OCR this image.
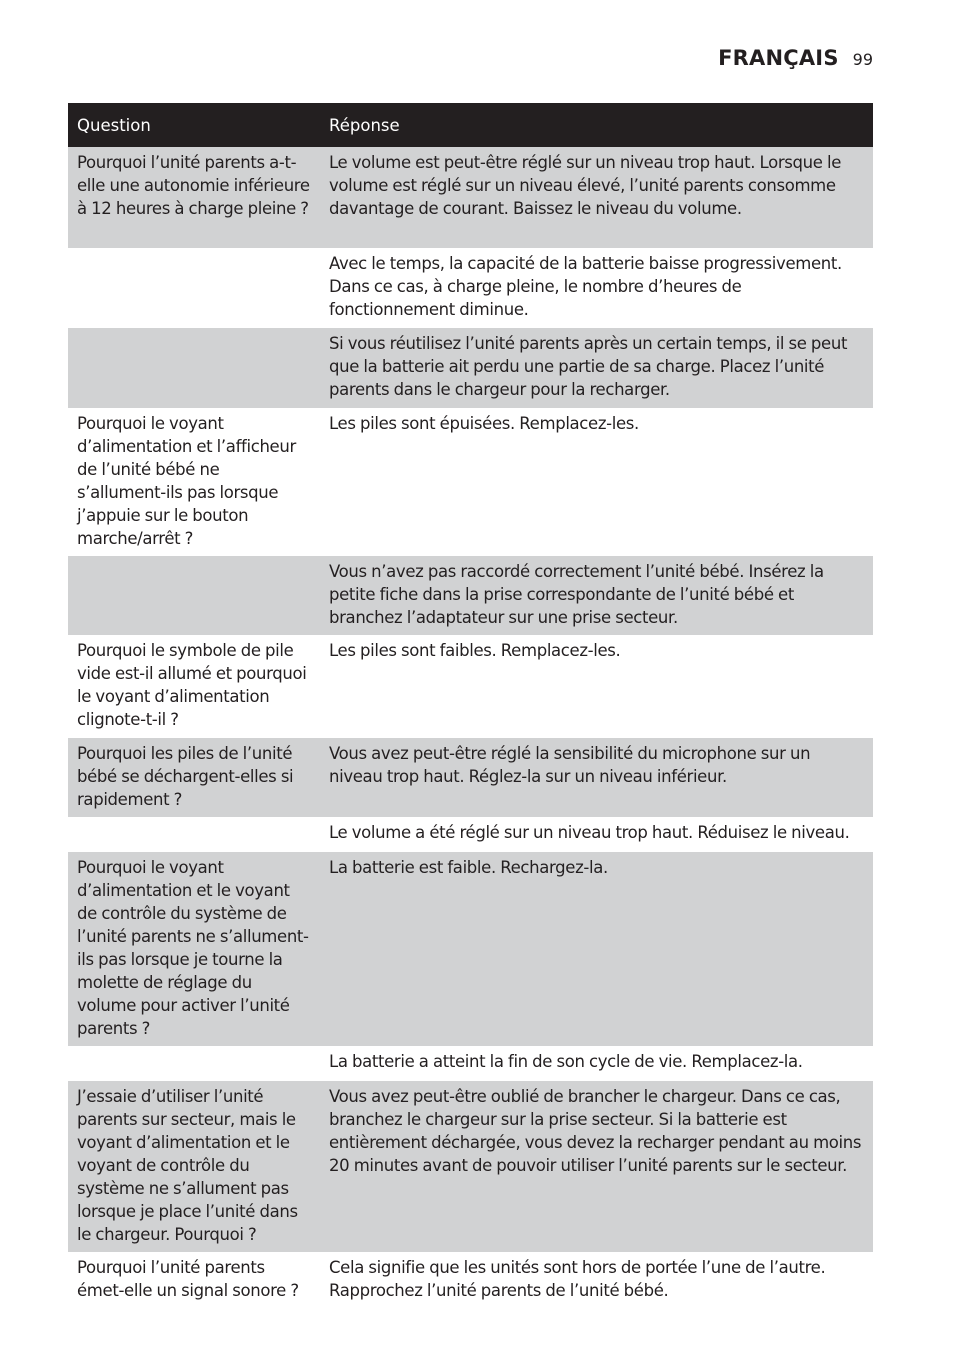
FRANÇAIS 99
Question	Réponse
Pourquoi l’unité parents a-t-elle une autonomie inférieure à 12 heures à charge pleine ?	Le volume est peut-être réglé sur un niveau trop haut. Lorsque le volume est réglé sur un niveau élevé, l’unité parents consomme davantage de courant. Baissez le niveau du volume.
	Avec le temps, la capacité de la batterie baisse progressivement. Dans ce cas, à charge pleine, le nombre d’heures de fonctionnement diminue.
	Si vous réutilisez l’unité parents après un certain temps, il se peut que la batterie ait perdu une partie de sa charge. Placez l’unité parents dans le chargeur pour la recharger.
Pourquoi le voyant d’alimentation et l’afficheur de l’unité bébé ne s’allument-ils pas lorsque j’appuie sur le bouton marche/arrêt ?	Les piles sont épuisées. Remplacez-les.
	Vous n’avez pas raccordé correctement l’unité bébé. Insérez la petite fiche dans la prise correspondante de l’unité bébé et branchez l’adaptateur sur une prise secteur.
Pourquoi le symbole de pile vide est-il allumé et pourquoi le voyant d’alimentation clignote-t-il ?	Les piles sont faibles. Remplacez-les.
Pourquoi les piles de l’unité bébé se déchargent-elles si rapidement ?	Vous avez peut-être réglé la sensibilité du microphone sur un niveau trop haut. Réglez-la sur un niveau inférieur.
	Le volume a été réglé sur un niveau trop haut. Réduisez le niveau.
Pourquoi le voyant d’alimentation et le voyant de contrôle du système de l’unité parents ne s’allument-ils pas lorsque je tourne la molette de réglage du volume pour activer l’unité parents ?	La batterie est faible. Rechargez-la.
	La batterie a atteint la fin de son cycle de vie. Remplacez-la.
J’essaie d’utiliser l’unité parents sur secteur, mais le voyant d’alimentation et le voyant de contrôle du système ne s’allument pas lorsque je place l’unité dans le chargeur. Pourquoi ?	Vous avez peut-être oublié de brancher le chargeur. Dans ce cas, branchez le chargeur sur la prise secteur. Si la batterie est entièrement déchargée, vous devez la recharger pendant au moins 20 minutes avant de pouvoir utiliser l’unité parents sur le secteur.
Pourquoi l’unité parents émet-elle un signal sonore ?	Cela signifie que les unités sont hors de portée l’une de l’autre. Rapprochez l’unité parents de l’unité bébé.
